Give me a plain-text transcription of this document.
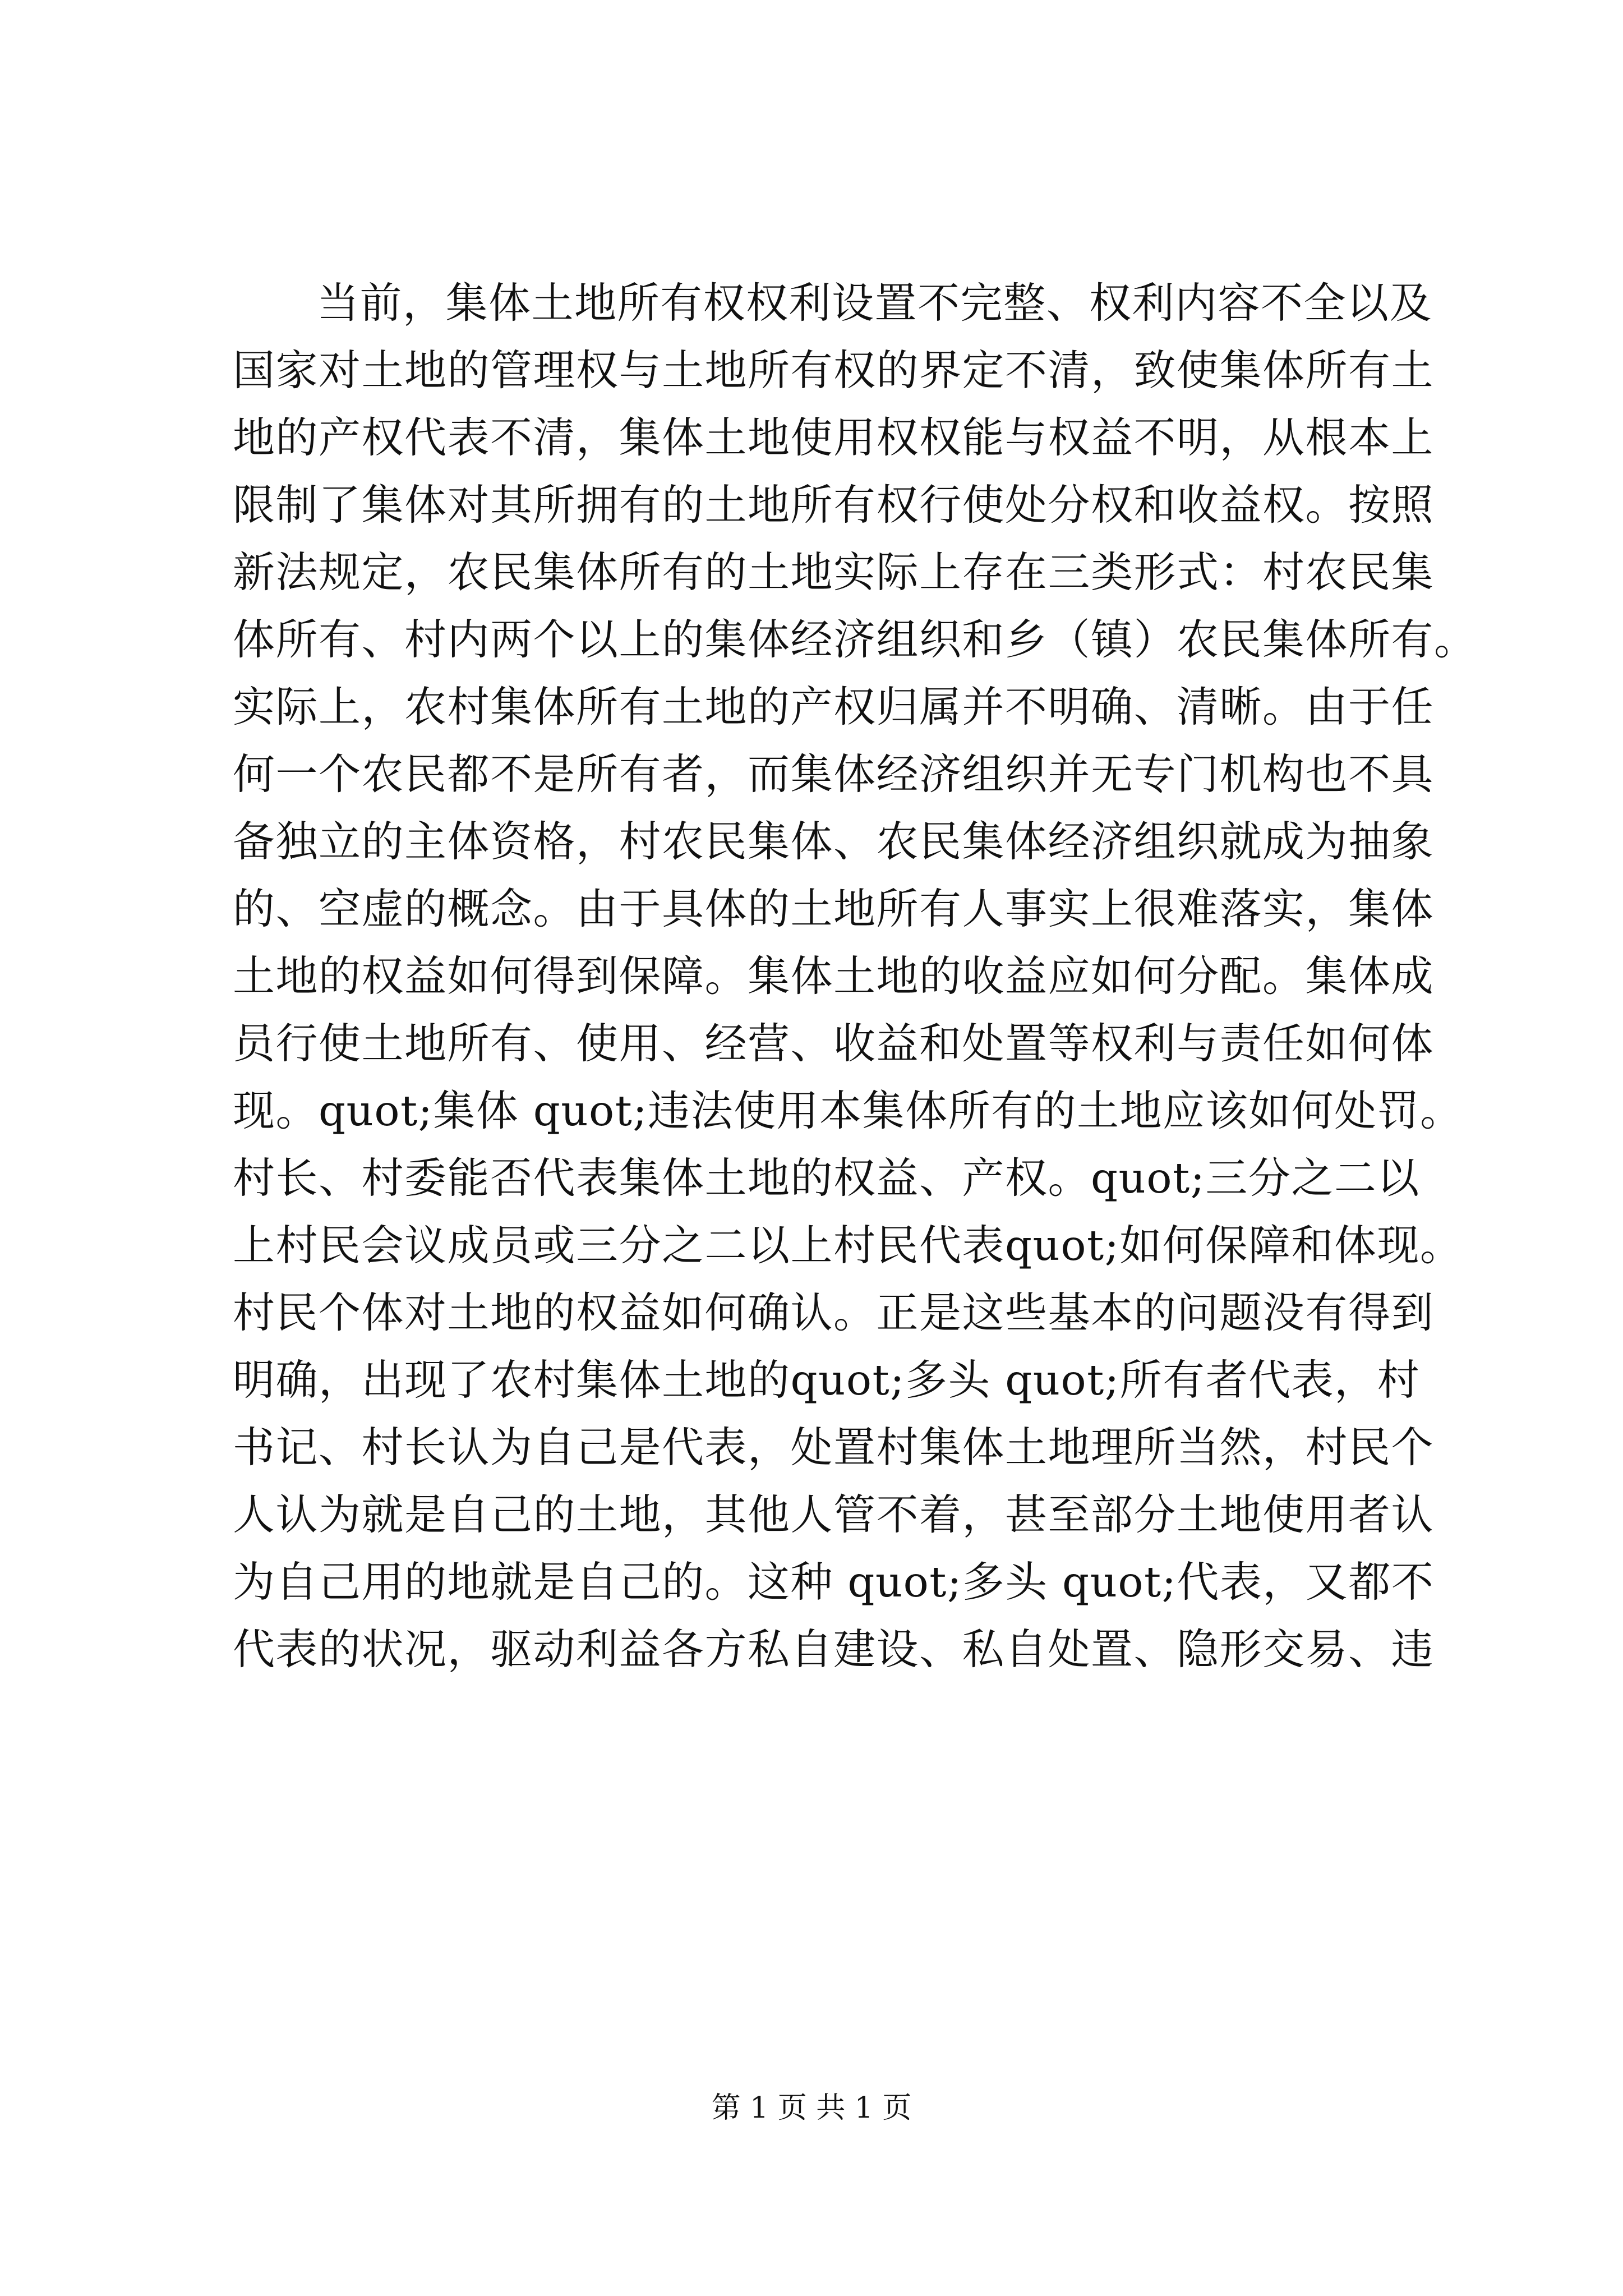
当前，集体土地所有权权利设置不完整、权利内容不全以及
国家对土地的管理权与土地所有权的界定不清，致使集体所有土
地的产权代表不清，集体土地使用权权能与权益不明，从根本上
限制了集体对其所拥有的土地所有权行使处分权和收益权。按照
新法规定，农民集体所有的土地实际上存在三类形式：村农民集
体所有、村内两个以上的集体经济组织和乡（镇）农民集体所有。
实际上，农村集体所有土地的产权归属并不明确、清晰。由于任
何一个农民都不是所有者，而集体经济组织并无专门机构也不具
备独立的主体资格，村农民集体、农民集体经济组织就成为抽象
的、空虚的概念。由于具体的土地所有人事实上很难落实，集体
土地的权益如何得到保障。集体土地的收益应如何分配。集体成
员行使土地所有、使用、经营、收益和处置等权利与责任如何体
现。quot;集体 quot;违法使用本集体所有的土地应该如何处罚。
村长、村委能否代表集体土地的权益、产权。quot;三分之二以
上村民会议成员或三分之二以上村民代表quot;如何保障和体现。
村民个体对土地的权益如何确认。正是这些基本的问题没有得到
明确，出现了农村集体土地的quot;多头 quot;所有者代表，村
书记、村长认为自己是代表，处置村集体土地理所当然，村民个
人认为就是自己的土地，其他人管不着，甚至部分土地使用者认
为自己用的地就是自己的。这种 quot;多头 quot;代表，又都不
代表的状况，驱动利益各方私自建设、私自处置、隐形交易、违

第 1 页 共 1 页
